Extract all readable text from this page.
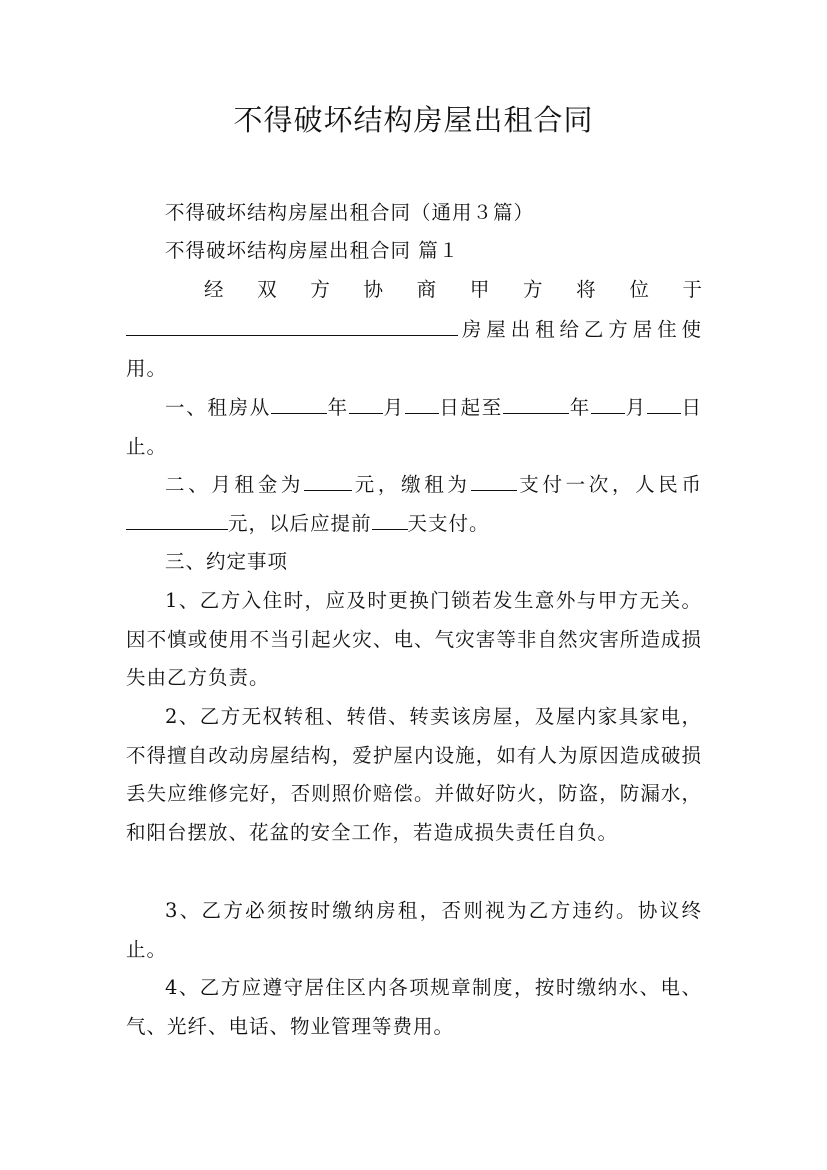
不得破坏结构房屋出租合同

不得破坏结构房屋出租合同（通用３篇）

不得破坏结构房屋出租合同 篇１

经 双 方 协 商 甲 方 将 位 于

房屋出租给乙方居住使用。

一、租房从	年 月 日起至	年 月 日止。

二、月租金为 元，缴租为 支付一次，人民币元，以后应提前 天支付。

三、约定事项

1、乙方入住时，应及时更换门锁若发生意外与甲方无关。因不慎或使用不当引起火灾、电、气灾害等非自然灾害所造成损失由乙方负责。

2、乙方无权转租、转借、转卖该房屋，及屋内家具家电，不得擅自改动房屋结构，爱护屋内设施，如有人为原因造成破损丢失应维修完好，否则照价赔偿。并做好防火，防盗，防漏水，和阳台摆放、花盆的安全工作，若造成损失责任自负。

3、乙方必须按时缴纳房租，否则视为乙方违约。协议终止。

4、乙方应遵守居住区内各项规章制度，按时缴纳水、电、气、光纤、电话、物业管理等费用。
